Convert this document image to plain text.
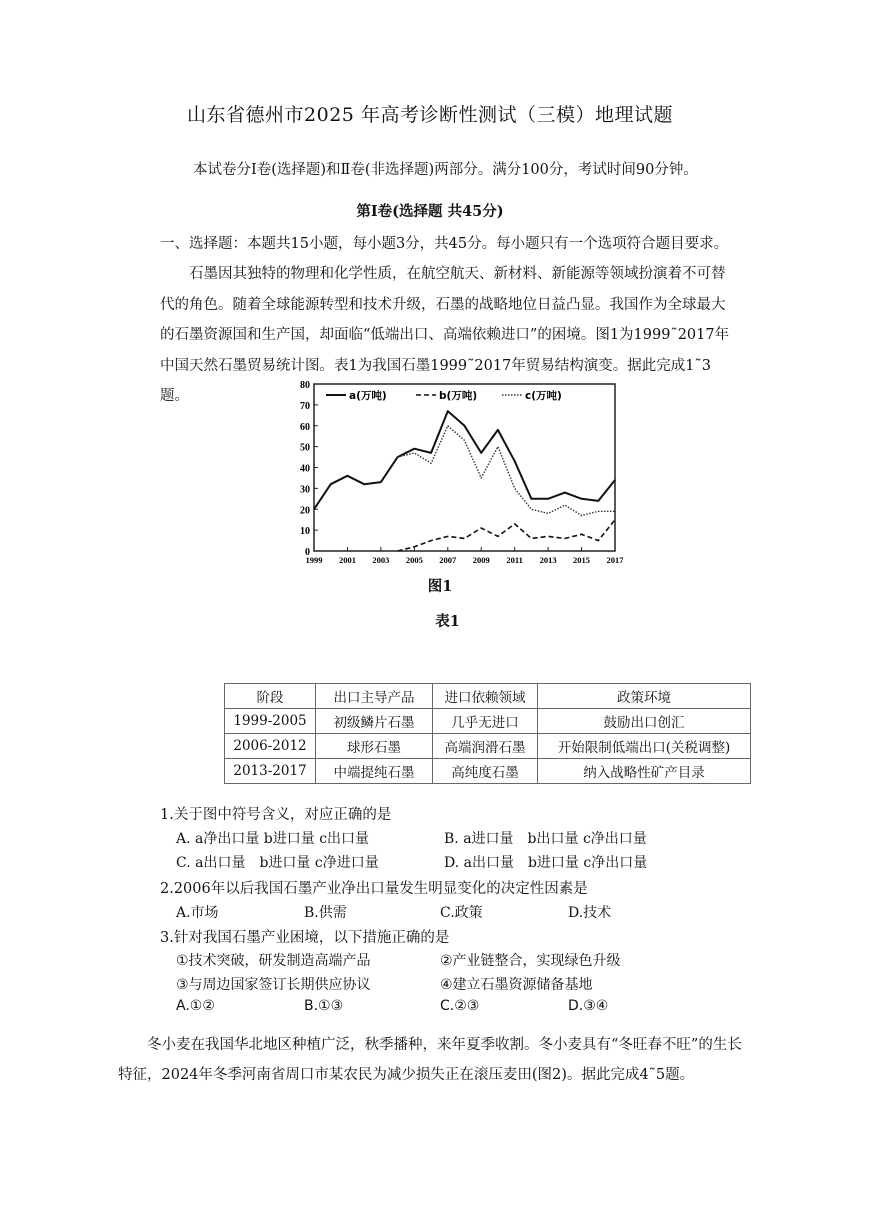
山东省德州市2025 年高考诊断性测试（三模）地理试题
本试卷分Ⅰ卷(选择题)和Ⅱ卷(非选择题)两部分。满分100分，考试时间90分钟。
第Ⅰ卷(选择题 共45分)
一、选择题：本题共15小题，每小题3分，共45分。每小题只有一个选项符合题目要求。

石墨因其独特的物理和化学性质，在航空航天、新材料、新能源等领域扮演着不可替代的角色。随着全球能源转型和技术升级，石墨的战略地位日益凸显。我国作为全球最大的石墨资源国和生产国，却面临“低端出口、高端依赖进口”的困境。图1为1999˜2017年中国天然石墨贸易统计图。表1为我国石墨1999˜2017年贸易结构演变。据此完成1˜3题。

0
10
20
30
40
50
60
70
80
1999 2001 2003 2005 2007 2009 2011 2013 2015 2017
a(万吨)	b(万吨)	c(万吨)
图1
表1
阶段	出口主导产品	进口依赖领域	政策环境
1999-2005	初级鳞片石墨	几乎无进口	鼓励出口创汇
2006-2012	球形石墨	高端润滑石墨	开始限制低端出口(关税调整)
2013-2017	中端提纯石墨	高纯度石墨	纳入战略性矿产目录
1.关于图中符号含义，对应正确的是
A. a净出口量 b进口量 c出口量	B. a进口量　b出口量 c净出口量
C. a出口量　b进口量 c净进口量	D. a出口量　b进口量 c净出口量
2.2006年以后我国石墨产业净出口量发生明显变化的决定性因素是
A.市场	B.供需	C.政策	D.技术
3.针对我国石墨产业困境，以下措施正确的是
①技术突破，研发制造高端产品	②产业链整合，实现绿色升级
③与周边国家签订长期供应协议	④建立石墨资源储备基地
A.①②	B.①③	C.②③	D.③④

冬小麦在我国华北地区种植广泛，秋季播种，来年夏季收割。冬小麦具有“冬旺春不旺”的生长特征，2024年冬季河南省周口市某农民为减少损失正在滚压麦田(图2)。据此完成4˜5题。
